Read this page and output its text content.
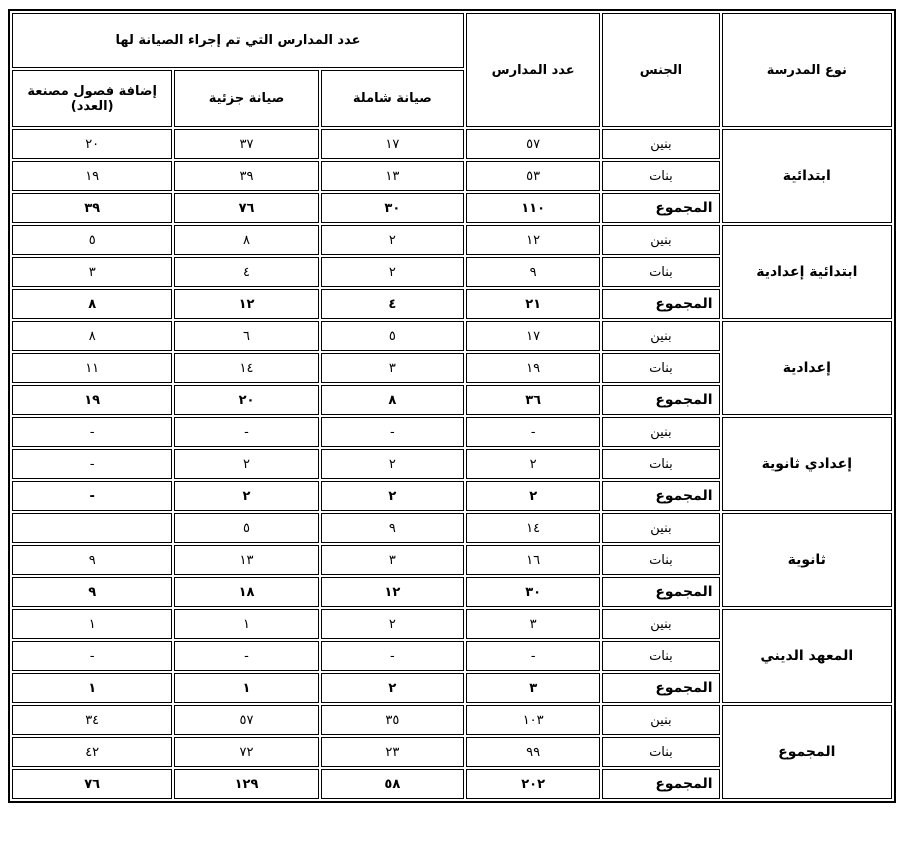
عدد المدارس التي تم إجراء الصيانة لها			عدد المدارس	الجنس	نوع المدرسة
إضافة فصول مصنعة (العدد)	صيانة جزئية	صيانة شاملة			
٢٠	٣٧	١٧	٥٧	بنين	ابتدائية
١٩	٣٩	١٣	٥٣	بنات	
٣٩	٧٦	٣٠	١١٠	المجموع	
٥	٨	٢	١٢	بنين	ابتدائية إعدادية
٣	٤	٢	٩	بنات	
٨	١٢	٤	٢١	المجموع	
٨	٦	٥	١٧	بنين	إعدادية
١١	١٤	٣	١٩	بنات	
١٩	٢٠	٨	٣٦	المجموع	
-	-	-	-	بنين	إعدادي ثانوية
-	٢	٢	٢	بنات	
-	٢	٢	٢	المجموع	
	٥	٩	١٤	بنين	ثانوية
٩	١٣	٣	١٦	بنات	
٩	١٨	١٢	٣٠	المجموع	
١	١	٢	٣	بنين	المعهد الديني
-	-	-	-	بنات	
١	١	٢	٣	المجموع	
٣٤	٥٧	٣٥	١٠٣	بنين	المجموع
٤٢	٧٢	٢٣	٩٩	بنات	
٧٦	١٢٩	٥٨	٢٠٢	المجموع	
